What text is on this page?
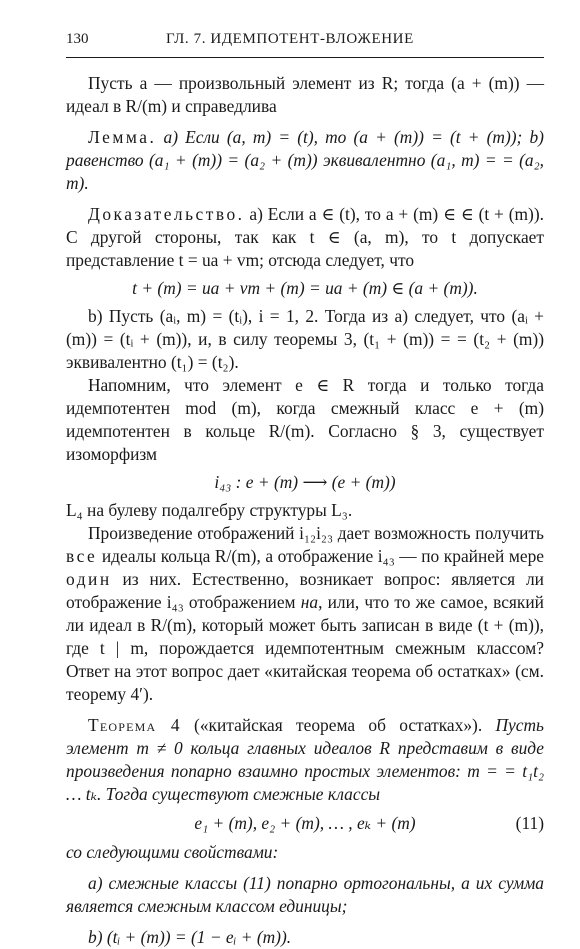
130	ГЛ. 7. ИДЕМПОТЕНТ-ВЛОЖЕНИЕ

Пусть a — произвольный элемент из R; тогда (a + (m)) — идеал в R/(m) и справедлива

Лемма. а) Если (a, m) = (t), то (a + (m)) = (t + (m)); b) равенство (a₁ + (m)) = (a₂ + (m)) эквивалентно (a₁, m) = = (a₂, m).

Доказательство. а) Если a ∈ (t), то a + (m) ∈ ∈ (t + (m)). С другой стороны, так как t ∈ (a, m), то t допускает представление t = ua + vm; отсюда следует, что

t + (m) = ua + vm + (m) = ua + (m) ∈ (a + (m)).

b) Пусть (aᵢ, m) = (tᵢ), i = 1, 2. Тогда из а) следует, что (aᵢ + (m)) = (tᵢ + (m)), и, в силу теоремы 3, (t₁ + (m)) = = (t₂ + (m)) эквивалентно (t₁) = (t₂).

Напомним, что элемент e ∈ R тогда и только тогда идемпотентен mod (m), когда смежный класс e + (m) идемпотентен в кольце R/(m). Согласно § 3, существует изоморфизм

i₄₃ : e + (m) ⟶ (e + (m))

L₄ на булеву подалгебру структуры L₃.

Произведение отображений i₁₂i₂₃ дает возможность получить все идеалы кольца R/(m), а отображение i₄₃ — по крайней мере один из них. Естественно, возникает вопрос: является ли отображение i₄₃ отображением на, или, что то же самое, всякий ли идеал в R/(m), который может быть записан в виде (t + (m)), где t | m, порождается идемпотентным смежным классом? Ответ на этот вопрос дает «китайская теорема об остатках» (см. теорему 4′).

Теорема 4 («китайская теорема об остатках»). Пусть элемент m ≠ 0 кольца главных идеалов R представим в виде произведения попарно взаимно простых элементов: m = = t₁t₂ … tₖ. Тогда существуют смежные классы

e₁ + (m), e₂ + (m), … , eₖ + (m)	(11)

со следующими свойствами:

а) смежные классы (11) попарно ортогональны, а их сумма является смежным классом единицы;

b) (tᵢ + (m)) = (1 − eᵢ + (m)).
